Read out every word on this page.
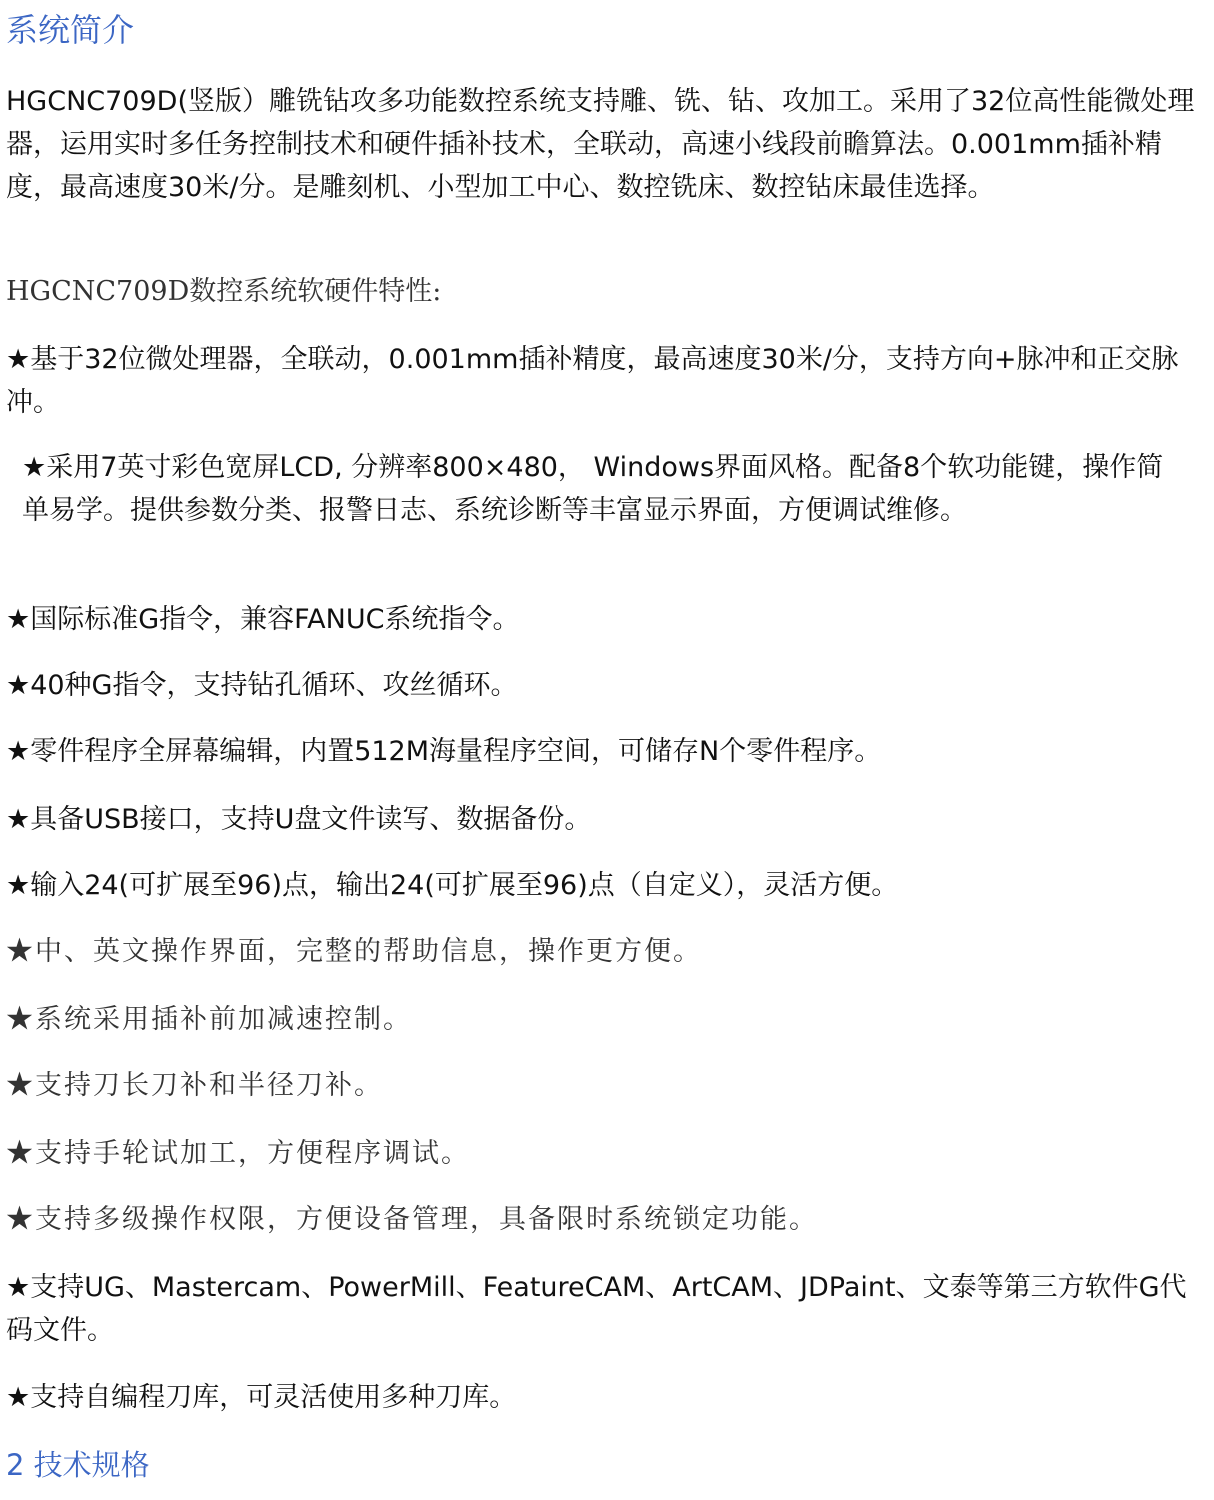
系统简介
HGCNC709D(竖版）雕铣钻攻多功能数控系统支持雕、铣、钻、攻加工。采用了32位高性能微处理器，运用实时多任务控制技术和硬件插补技术，全联动，高速小线段前瞻算法。0.001mm插补精度，最高速度30米/分。是雕刻机、小型加工中心、数控铣床、数控钻床最佳选择。
HGCNC709D数控系统软硬件特性:
★基于32位微处理器，全联动，0.001mm插补精度，最高速度30米/分，支持方向+脉冲和正交脉冲。
★采用7英寸彩色宽屏LCD, 分辨率800×480， Windows界面风格。配备8个软功能键，操作简单易学。提供参数分类、报警日志、系统诊断等丰富显示界面，方便调试维修。
★国际标准G指令，兼容FANUC系统指令。
★40种G指令，支持钻孔循环、攻丝循环。
★零件程序全屏幕编辑，内置512M海量程序空间，可储存N个零件程序。
★具备USB接口，支持U盘文件读写、数据备份。
★输入24(可扩展至96)点，输出24(可扩展至96)点（自定义），灵活方便。
★中、英文操作界面，完整的帮助信息，操作更方便。
★系统采用插补前加减速控制。
★支持刀长刀补和半径刀补。
★支持手轮试加工，方便程序调试。
★支持多级操作权限，方便设备管理，具备限时系统锁定功能。
★支持UG、Mastercam、PowerMill、FeatureCAM、ArtCAM、JDPaint、文泰等第三方软件G代码文件。
★支持自编程刀库，可灵活使用多种刀库。
2 技术规格
